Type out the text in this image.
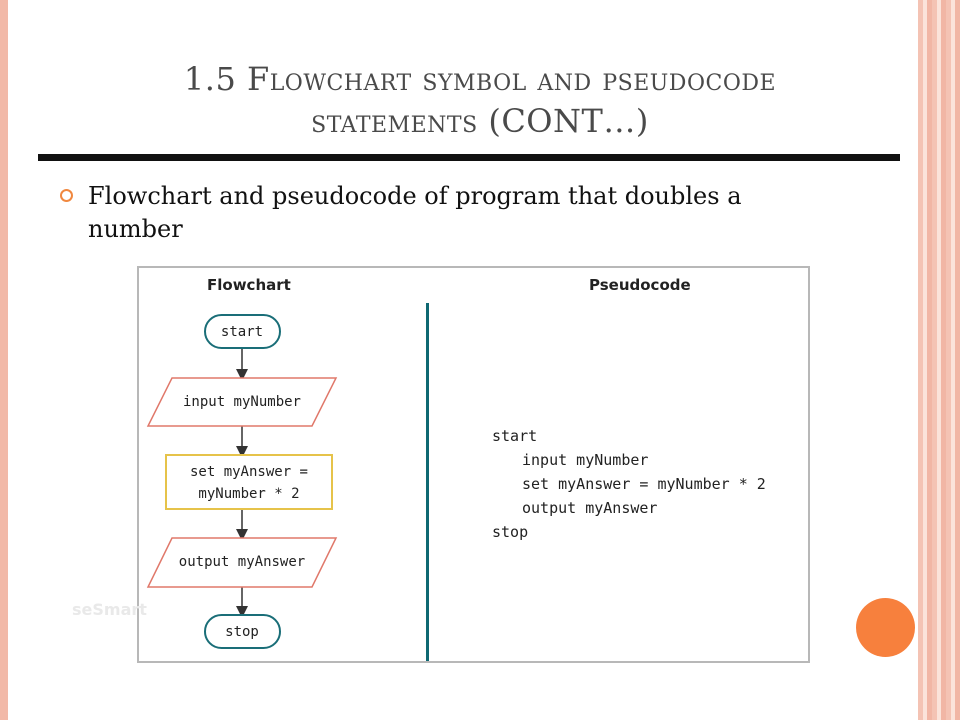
1.5 Flowchart symbol and pseudocode
statements (CONT…)
Flowchart and pseudocode of program that doubles a number
Flowchart	Pseudocode
seSmart
start
input myNumber
set myAnswer =
myNumber * 2
output myAnswer
stop
start
input myNumber
set myAnswer = myNumber * 2
output myAnswer
stop
